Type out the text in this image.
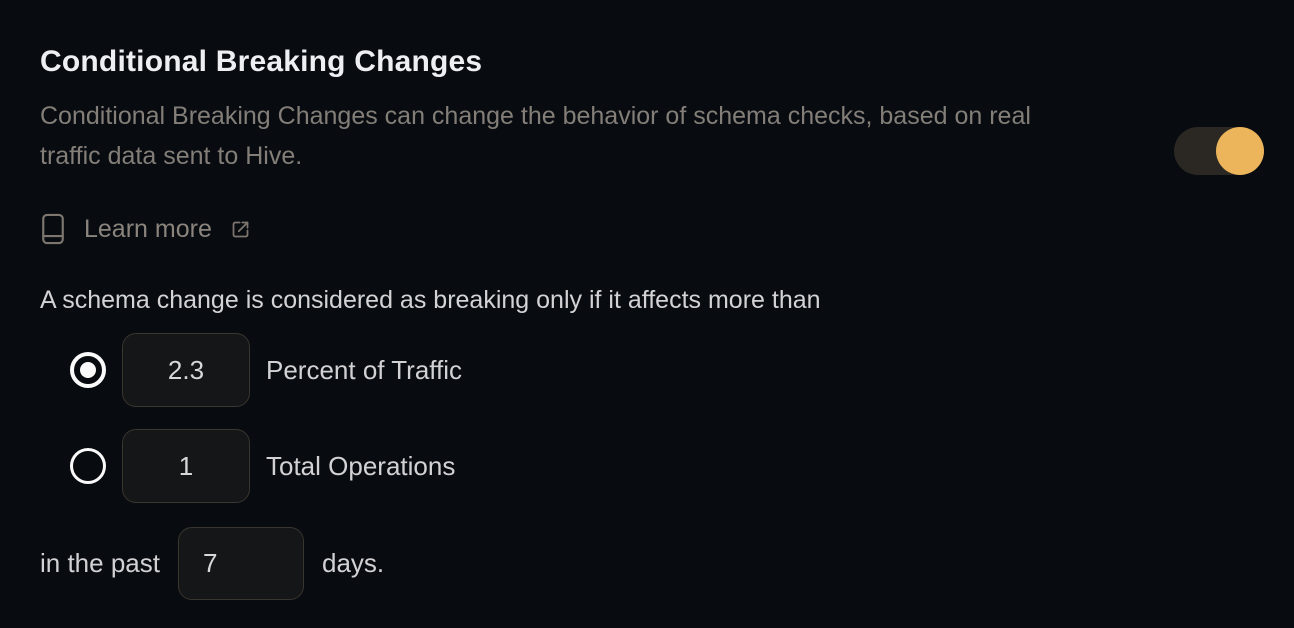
Conditional Breaking Changes
Conditional Breaking Changes can change the behavior of schema checks, based on real
traffic data sent to Hive.
Learn more
A schema change is considered as breaking only if it affects more than
2.3
Percent of Traffic
1
Total Operations
in the past
7	days.
